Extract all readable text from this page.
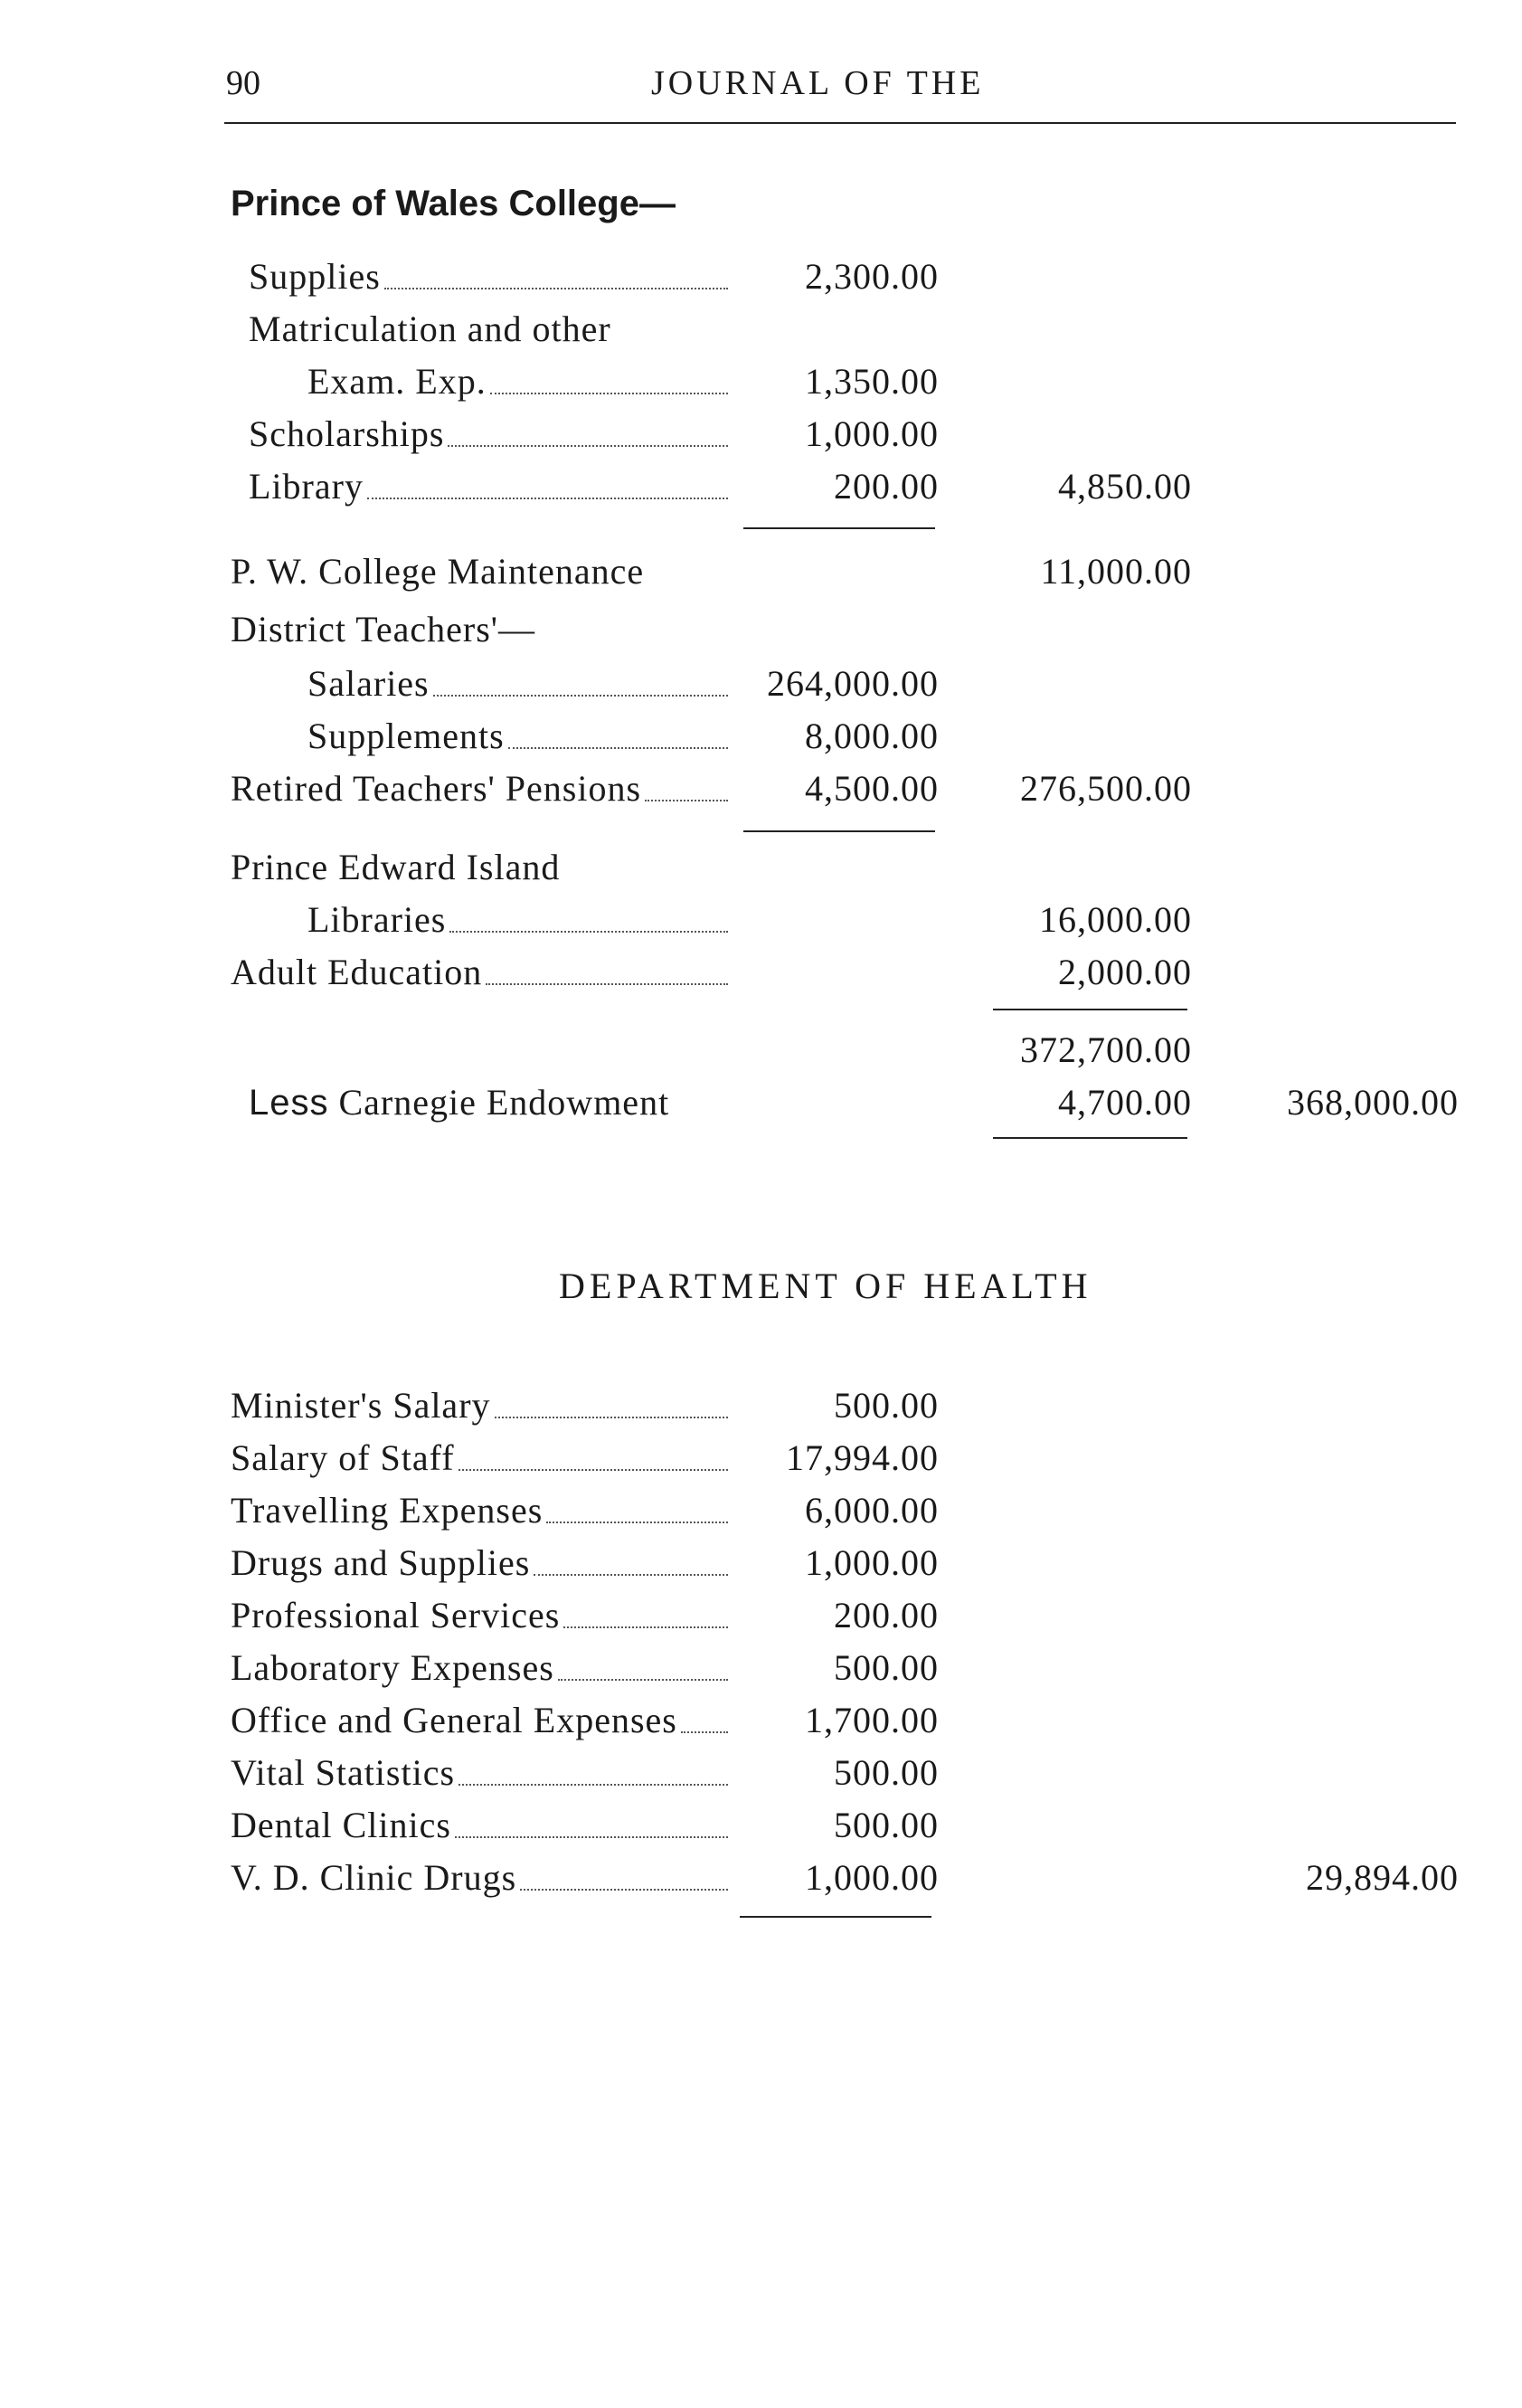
90	JOURNAL OF THE
Prince of Wales College—
Supplies	2,300.00
Matriculation and other
Exam. Exp.	1,350.00
Scholarships	1,000.00
Library	200.00	4,850.00
P. W. College Maintenance	11,000.00
District Teachers'—
Salaries	264,000.00
Supplements	8,000.00
Retired Teachers' Pensions	4,500.00 276,500.00
Prince Edward Island
Libraries	16,000.00
Adult Education	2,000.00
372,700.00
Less Carnegie Endowment	4,700.00	368,000.00
DEPARTMENT OF HEALTH
Minister's Salary	500.00
Salary of Staff	17,994.00
Travelling Expenses	6,000.00
Drugs and Supplies	1,000.00
Professional Services	200.00
Laboratory Expenses	500.00
Office and General Expenses	1,700.00
Vital Statistics	500.00
Dental Clinics	500.00
V. D. Clinic Drugs	1,000.00	29,894.00
